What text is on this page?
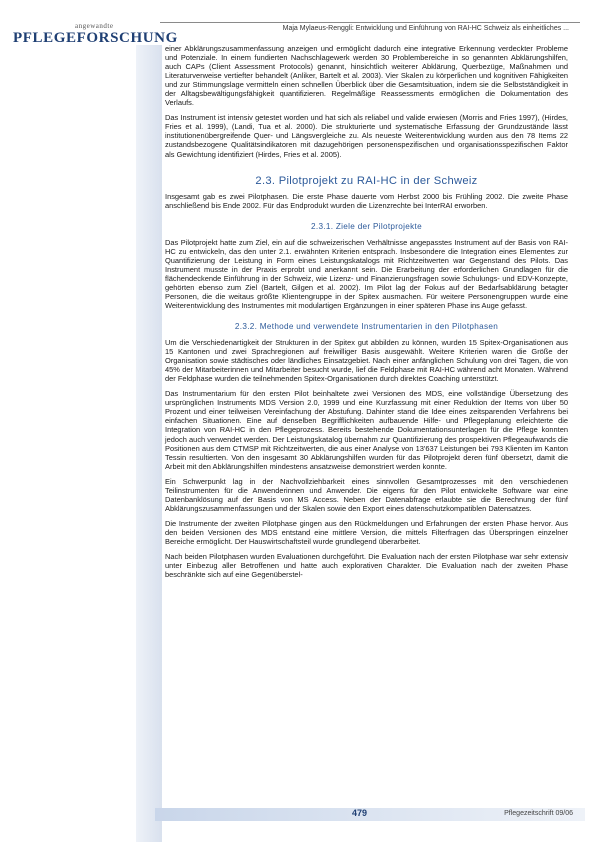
angewandte
PFLEGEFORSCHUNG
Maja Mylaeus-Renggli: Entwicklung und Einführung von RAI-HC Schweiz als einheitliches ...

einer Abklärungszusammenfassung anzeigen und ermöglicht dadurch eine integrative Erkennung verdeckter Probleme und Potenziale. In einem fundierten Nachschlagewerk werden 30 Problembereiche in so genannten Abklärungshilfen, auch CAPs (Client Assessment Protocols) genannt, hinsichtlich weiterer Abklärung, Querbezüge, Maßnahmen und Literaturverweise vertiefter behandelt (Anliker, Bartelt et al. 2003). Vier Skalen zu körperlichen und kognitiven Fähigkeiten und zur Stimmungslage vermitteln einen schnellen Überblick über die Gesamtsituation, indem sie die Selbstständigkeit in der Alltagsbewältigungsfähigkeit quantifizieren. Regelmäßige Reassessments ermöglichen die Dokumentation des Verlaufs.

Das Instrument ist intensiv getestet worden und hat sich als reliabel und valide erwiesen (Morris and Fries 1997), (Hirdes, Fries et al. 1999), (Landi, Tua et al. 2000). Die strukturierte und systematische Erfassung der Grundzustände lässt institutionenübergreifende Quer- und Längsvergleiche zu. Als neueste Weiterentwicklung wurden aus den 78 Items 22 zustandsbezogene Qualitätsindikatoren mit dazugehörigen personenspezifischen und organisationsspezifischen Faktor als Gewichtung identifiziert (Hirdes, Fries et al. 2005).

2.3. Pilotprojekt zu RAI-HC in der Schweiz

Insgesamt gab es zwei Pilotphasen. Die erste Phase dauerte vom Herbst 2000 bis Frühling 2002. Die zweite Phase anschließend bis Ende 2002. Für das Endprodukt wurden die Lizenzrechte bei InterRAI erworben.

2.3.1. Ziele der Pilotprojekte

Das Pilotprojekt hatte zum Ziel, ein auf die schweizerischen Verhältnisse angepasstes Instrument auf der Basis von RAI-HC zu entwickeln, das den unter 2.1. erwähnten Kriterien entsprach. Insbesondere die Integration eines Elementes zur Quantifizierung der Leistung in Form eines Leistungskatalogs mit Richtzeitwerten war Gegenstand des Pilots. Das Instrument musste in der Praxis erprobt und anerkannt sein. Die Erarbeitung der erforderlichen Grundlagen für die flächendeckende Einführung in der Schweiz, wie Lizenz- und Finanzierungsfragen sowie Schulungs- und EDV-Konzepte, gehörten ebenso zum Ziel (Bartelt, Gilgen et al. 2002). Im Pilot lag der Fokus auf der Bedarfsabklärung betagter Personen, die die weitaus größte Klientengruppe in der Spitex ausmachen. Für weitere Personengruppen wurde eine Weiterentwicklung des Instrumentes mit modulartigen Ergänzungen in einer späteren Phase ins Auge gefasst.

2.3.2. Methode und verwendete Instrumentarien in den Pilotphasen

Um die Verschiedenartigkeit der Strukturen in der Spitex gut abbilden zu können, wurden 15 Spitex-Organisationen aus 15 Kantonen und zwei Sprachregionen auf freiwilliger Basis ausgewählt. Weitere Kriterien waren die Größe der Organisation sowie städtisches oder ländliches Einsatzgebiet. Nach einer anfänglichen Schulung von drei Tagen, die von 45% der Mitarbeiterinnen und Mitarbeiter besucht wurde, lief die Feldphase mit RAI-HC während acht Monaten. Während der Feldphase wurden die teilnehmenden Spitex-Organisationen durch direktes Coaching unterstützt.

Das Instrumentarium für den ersten Pilot beinhaltete zwei Versionen des MDS, eine vollständige Übersetzung des ursprünglichen Instruments MDS Version 2.0, 1999 und eine Kurzfassung mit einer Reduktion der Items von über 50 Prozent und einer teilweisen Vereinfachung der Abstufung. Dahinter stand die Idee eines zeitsparenden Verfahrens bei einfachen Situationen. Eine auf denselben Begrifflichkeiten aufbauende Hilfe- und Pflegeplanung erleichterte die Integration von RAI-HC in den Pflegeprozess. Bereits bestehende Dokumentationsunterlagen für die Pflege konnten jedoch auch verwendet werden. Der Leistungskatalog übernahm zur Quantifizierung des prospektiven Pflegeaufwands die Positionen aus dem CTMSP mit Richtzeitwerten, die aus einer Analyse von 13'637 Leistungen bei 793 Klienten im Kanton Tessin resultierten. Von den insgesamt 30 Abklärungshilfen wurden für das Pilotprojekt deren fünf übersetzt, damit die Arbeit mit den Abklärungshilfen mindestens ansatzweise demonstriert werden konnte.

Ein Schwerpunkt lag in der Nachvollziehbarkeit eines sinnvollen Gesamtprozesses mit den verschiedenen Teilinstrumenten für die Anwenderinnen und Anwender. Die eigens für den Pilot entwickelte Software war eine Datenbanklösung auf der Basis von MS Access. Neben der Datenabfrage erlaubte sie die Berechnung der fünf Abklärungszusammenfassungen und der Skalen sowie den Export eines datenschutzkompatiblen Datensatzes.

Die Instrumente der zweiten Pilotphase gingen aus den Rückmeldungen und Erfahrungen der ersten Phase hervor. Aus den beiden Versionen des MDS entstand eine mittlere Version, die mittels Filterfragen das Überspringen einzelner Bereiche ermöglicht. Der Hauswirtschaftsteil wurde grundlegend überarbeitet.

Nach beiden Pilotphasen wurden Evaluationen durchgeführt. Die Evaluation nach der ersten Pilotphase war sehr extensiv unter Einbezug aller Betroffenen und hatte auch explorativen Charakter. Die Evaluation nach der zweiten Phase beschränkte sich auf eine Gegenüberstel-

479	Pflegezeitschrift 09/06
